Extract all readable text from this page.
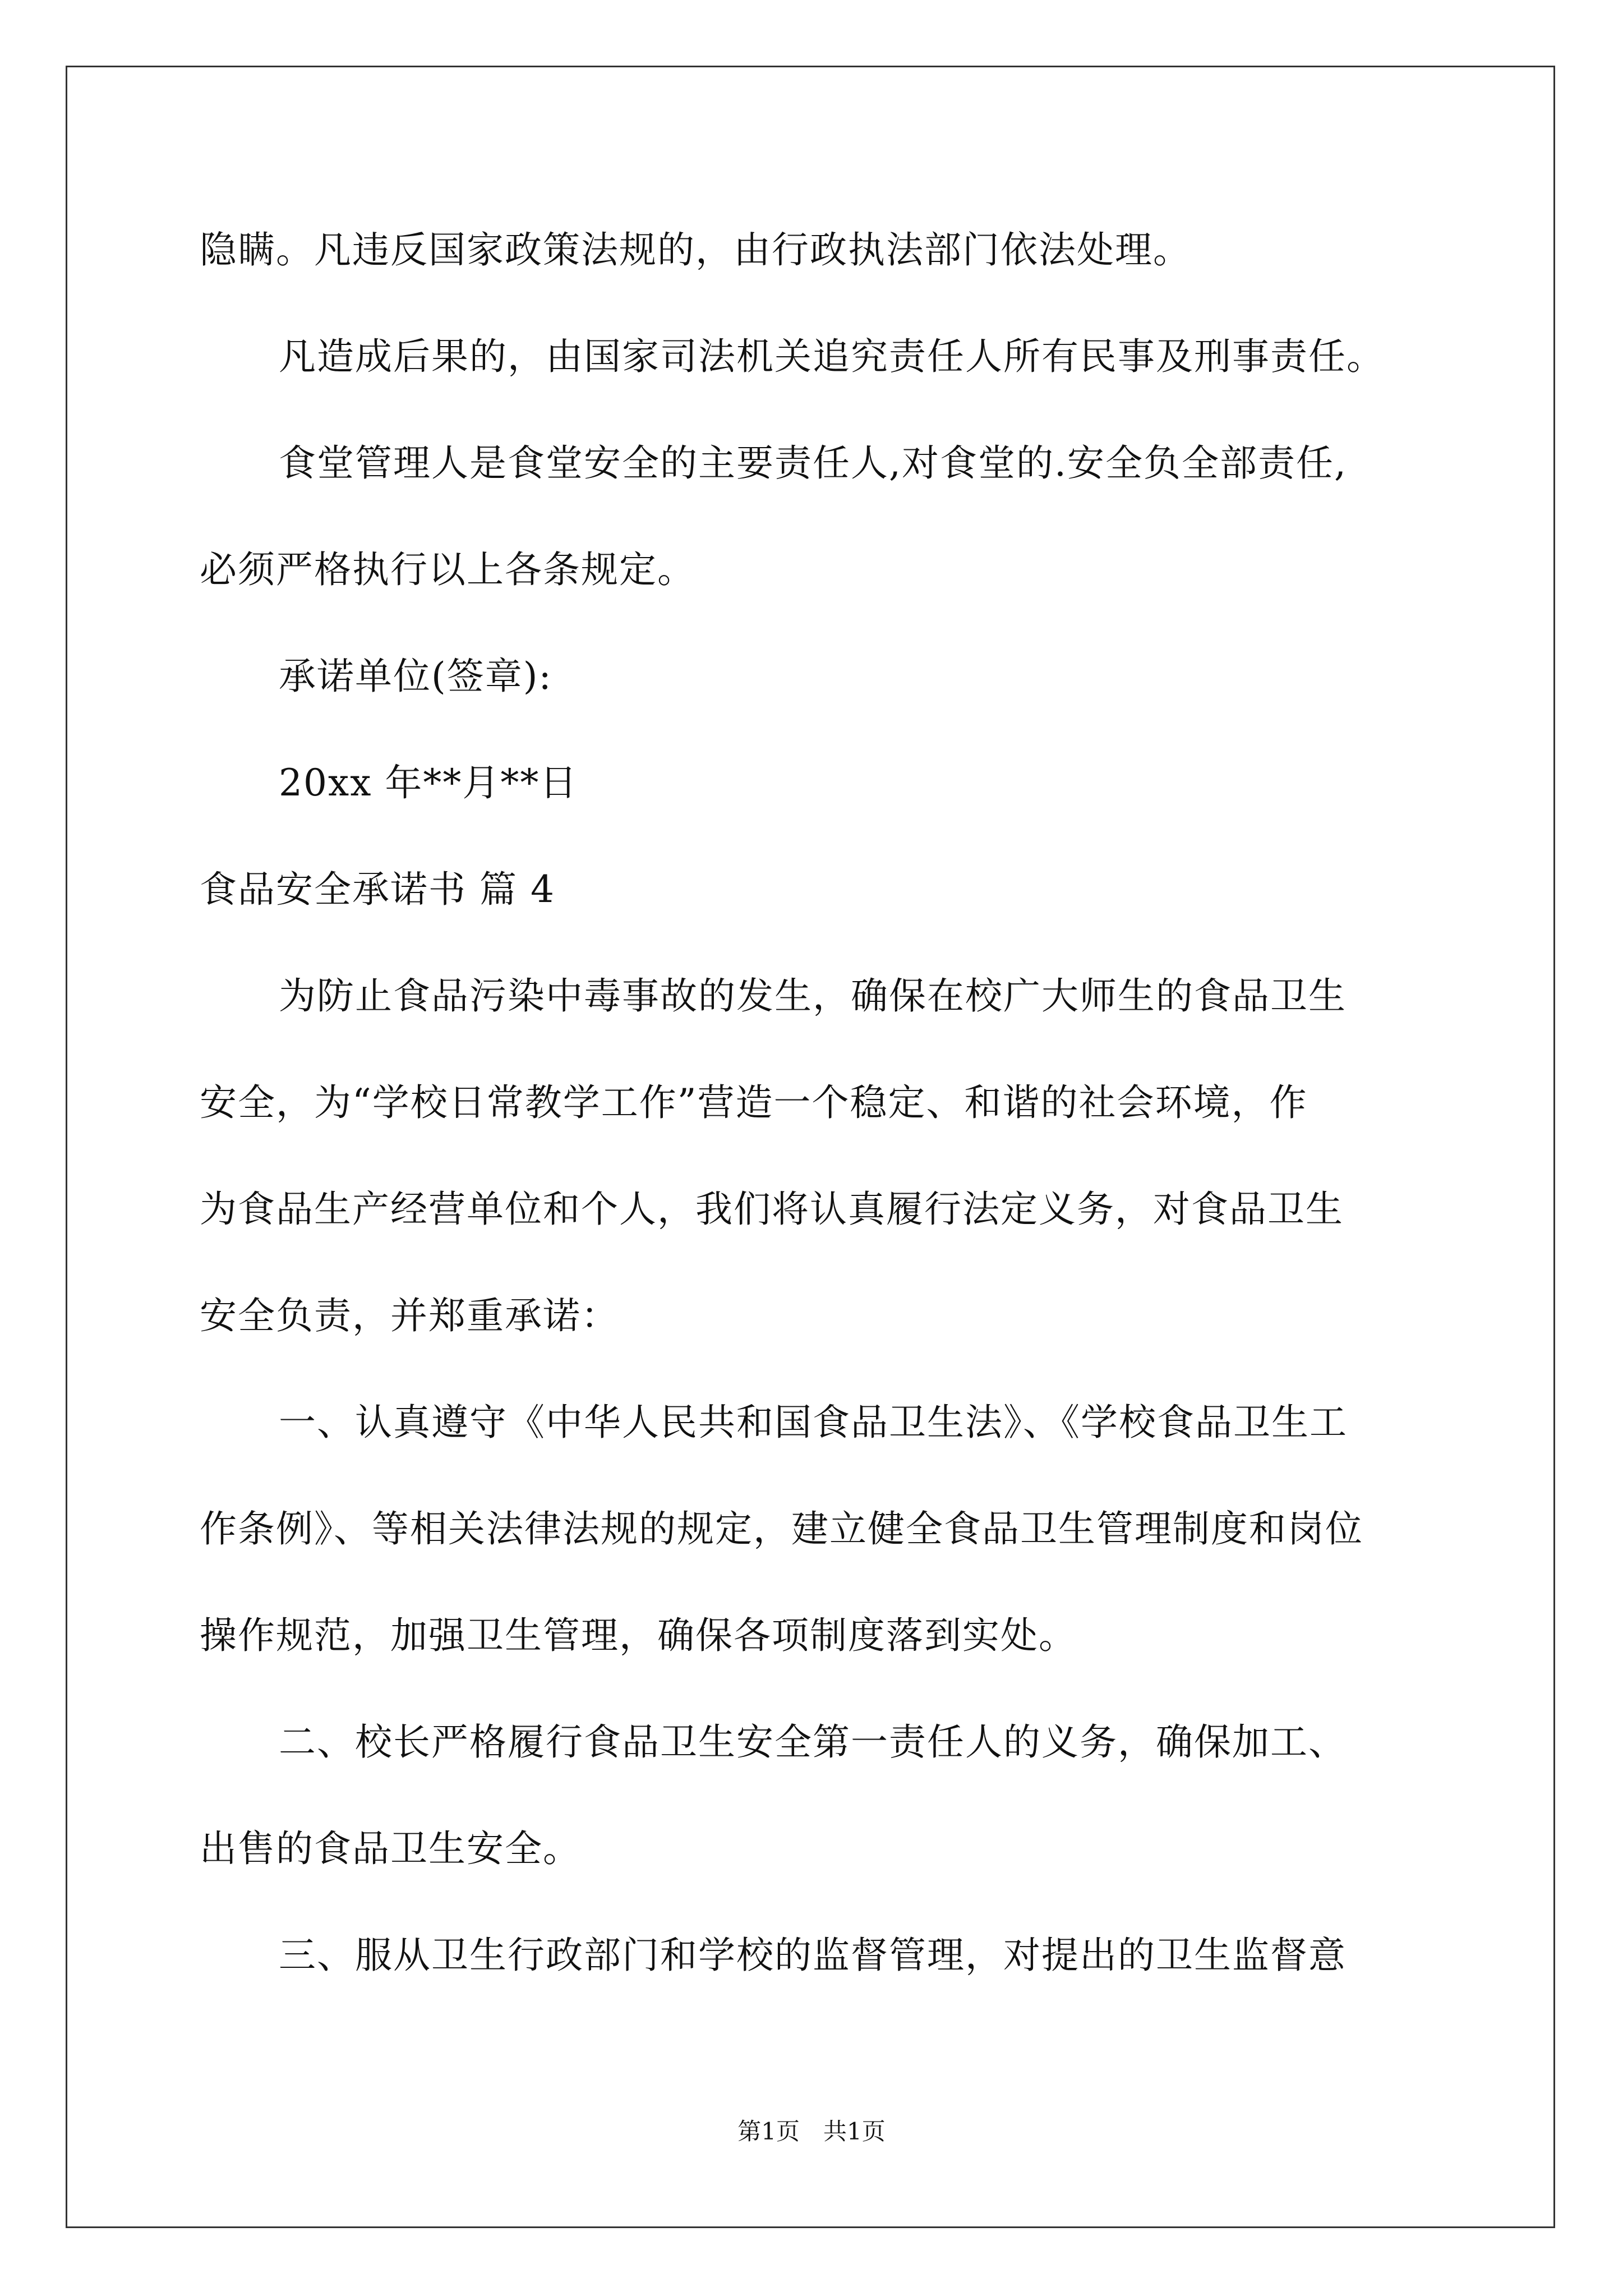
隐瞒。凡违反国家政策法规的，由行政执法部门依法处理。
凡造成后果的，由国家司法机关追究责任人所有民事及刑事责任。
食堂管理人是食堂安全的主要责任人,对食堂的.安全负全部责任,
必须严格执行以上各条规定。
承诺单位(签章):
20xx 年**月**日
食品安全承诺书 篇 4
为防止食品污染中毒事故的发生，确保在校广大师生的食品卫生
安全，为“学校日常教学工作”营造一个稳定、和谐的社会环境，作
为食品生产经营单位和个人，我们将认真履行法定义务，对食品卫生
安全负责，并郑重承诺：
一、认真遵守《中华人民共和国食品卫生法》、《学校食品卫生工
作条例》、等相关法律法规的规定，建立健全食品卫生管理制度和岗位
操作规范，加强卫生管理，确保各项制度落到实处。
二、校长严格履行食品卫生安全第一责任人的义务，确保加工、
出售的食品卫生安全。
三、服从卫生行政部门和学校的监督管理，对提出的卫生监督意
第1页　共1页
